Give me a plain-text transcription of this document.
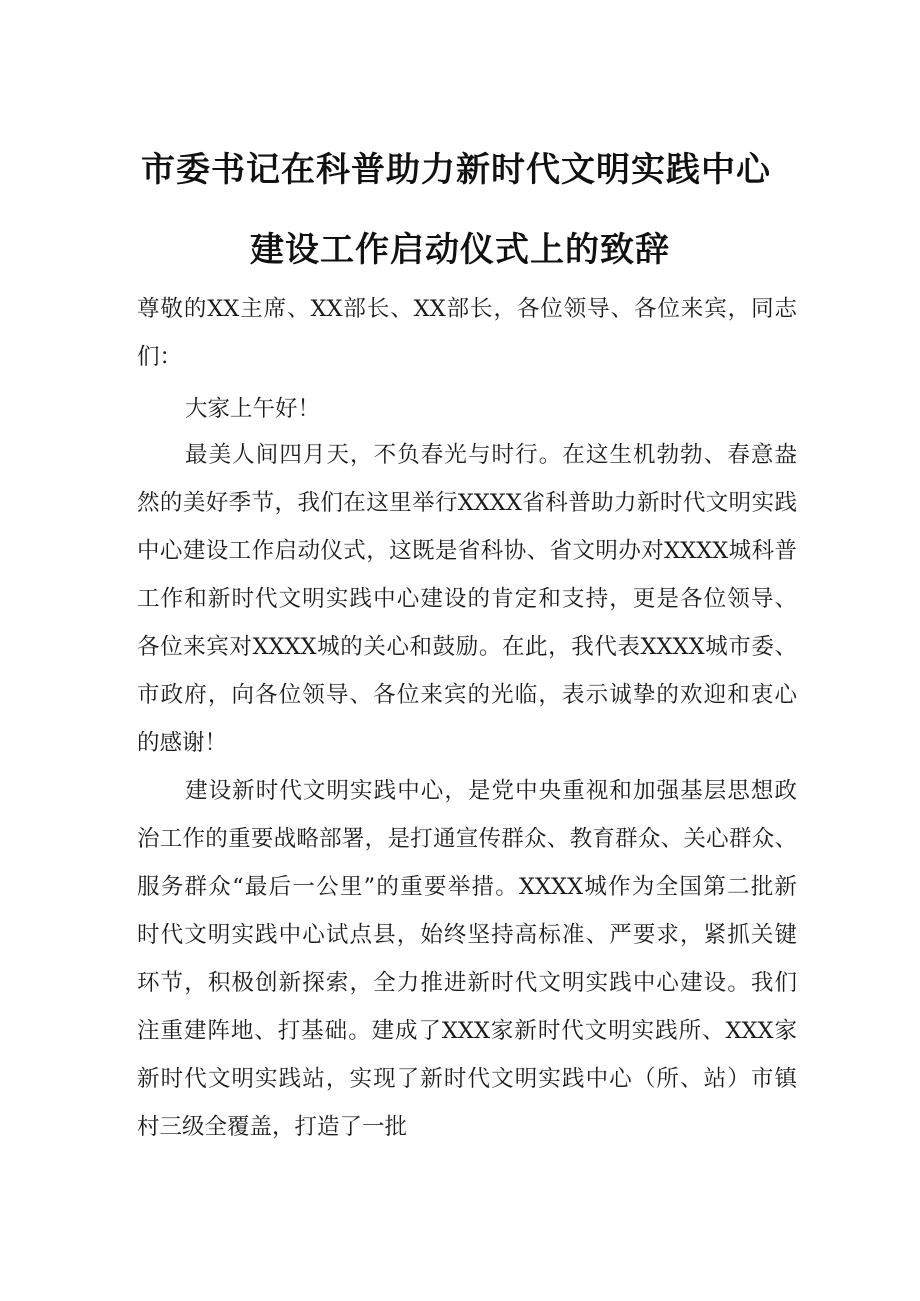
市委书记在科普助力新时代文明实践中心
建设工作启动仪式上的致辞
尊敬的XX主席、XX部长、XX部长，各位领导、各位来宾，同志
们：
大家上午好！
最美人间四月天，不负春光与时行。在这生机勃勃、春意盎
然的美好季节，我们在这里举行XXXX省科普助力新时代文明实践
中心建设工作启动仪式，这既是省科协、省文明办对XXXX城科普
工作和新时代文明实践中心建设的肯定和支持，更是各位领导、
各位来宾对XXXX城的关心和鼓励。在此，我代表XXXX城市委、
市政府，向各位领导、各位来宾的光临，表示诚挚的欢迎和衷心
的感谢！
建设新时代文明实践中心，是党中央重视和加强基层思想政
治工作的重要战略部署，是打通宣传群众、教育群众、关心群众、
服务群众“最后一公里”的重要举措。XXXX城作为全国第二批新
时代文明实践中心试点县，始终坚持高标准、严要求，紧抓关键
环节，积极创新探索，全力推进新时代文明实践中心建设。我们
注重建阵地、打基础。建成了XXX家新时代文明实践所、XXX家
新时代文明实践站，实现了新时代文明实践中心（所、站）市镇
村三级全覆盖，打造了一批
